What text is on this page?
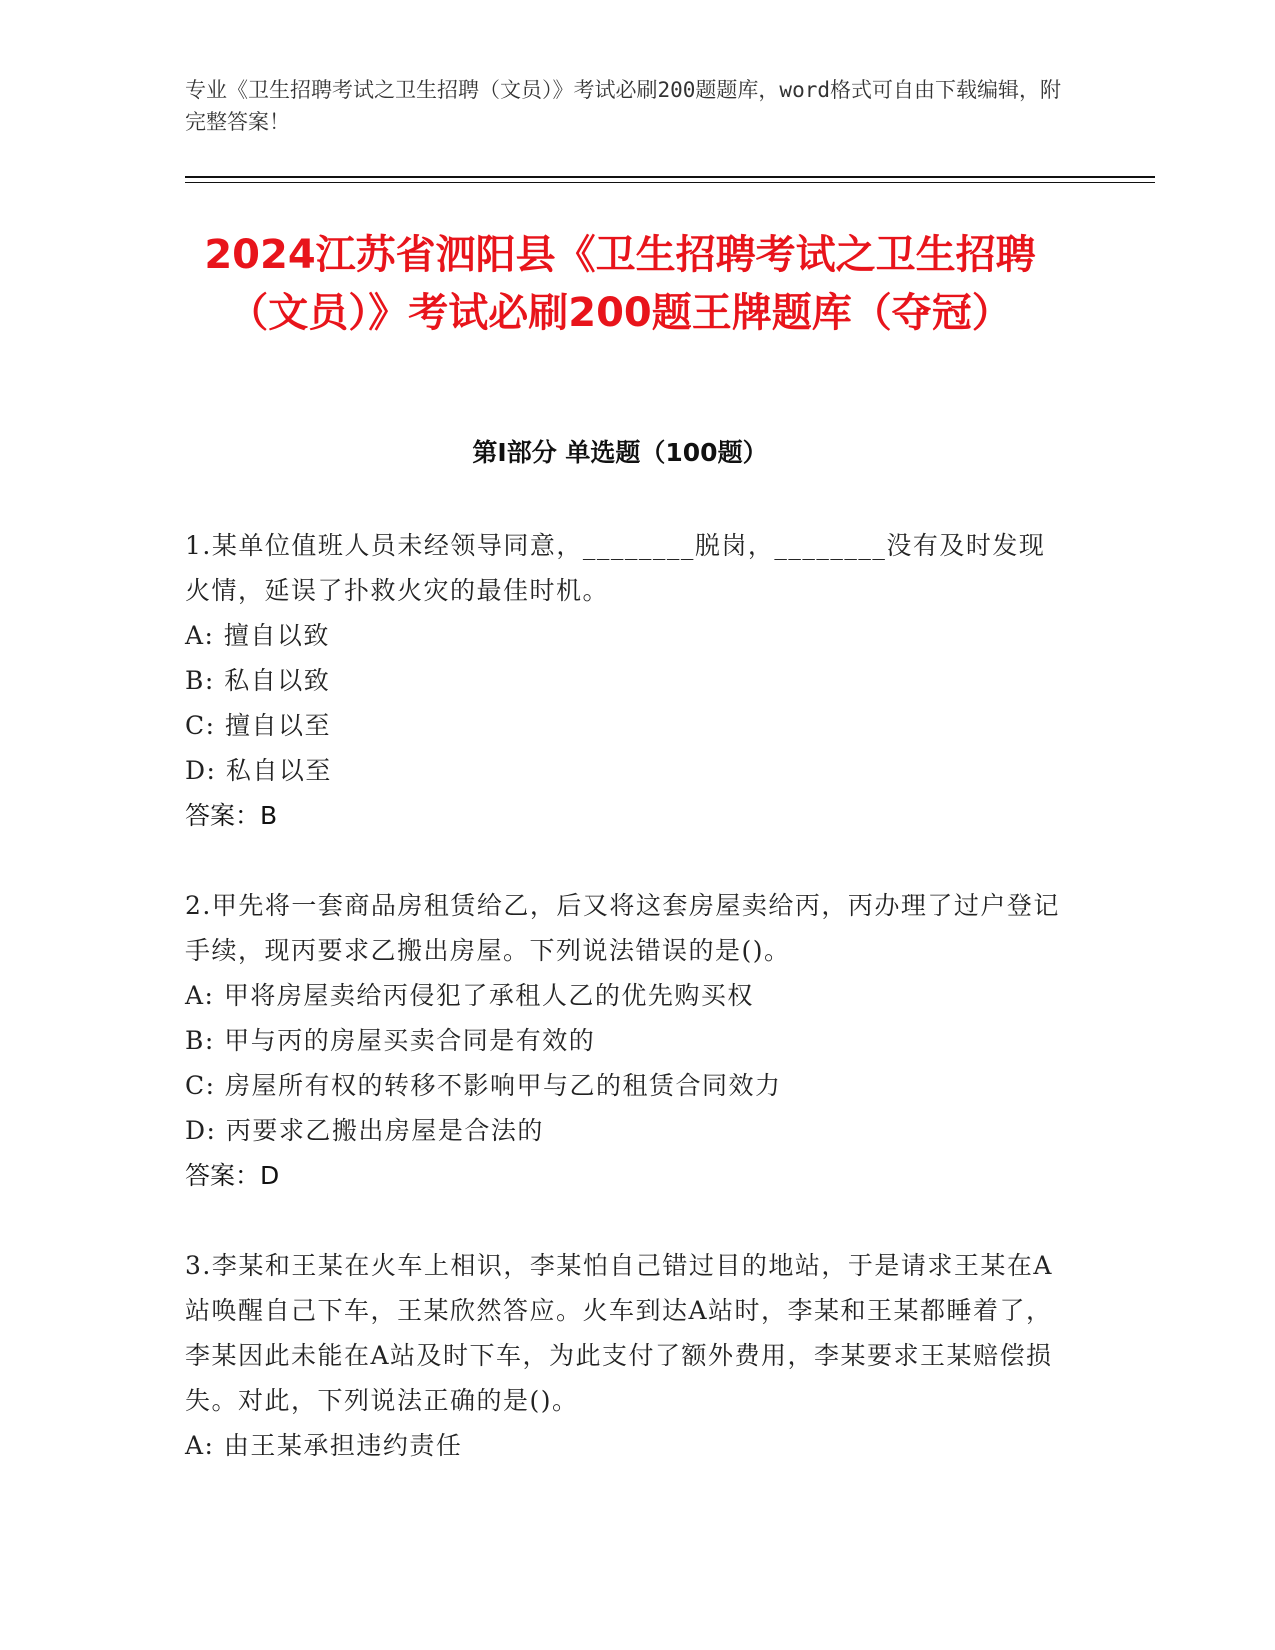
专业《卫生招聘考试之卫生招聘（文员）》考试必刷200题题库，word格式可自由下载编辑，附完整答案！
2024江苏省泗阳县《卫生招聘考试之卫生招聘（文员）》考试必刷200题王牌题库（夺冠）
第Ⅰ部分 单选题（100题）
1.某单位值班人员未经领导同意，________脱岗，________没有及时发现火情，延误了扑救火灾的最佳时机。
A: 擅自以致
B: 私自以致
C: 擅自以至
D: 私自以至
答案：B
2.甲先将一套商品房租赁给乙，后又将这套房屋卖给丙，丙办理了过户登记手续，现丙要求乙搬出房屋。下列说法错误的是()。
A: 甲将房屋卖给丙侵犯了承租人乙的优先购买权
B: 甲与丙的房屋买卖合同是有效的
C: 房屋所有权的转移不影响甲与乙的租赁合同效力
D: 丙要求乙搬出房屋是合法的
答案：D
3.李某和王某在火车上相识，李某怕自己错过目的地站，于是请求王某在A站唤醒自己下车，王某欣然答应。火车到达A站时，李某和王某都睡着了，李某因此未能在A站及时下车，为此支付了额外费用，李某要求王某赔偿损失。对此，下列说法正确的是()。
A: 由王某承担违约责任
